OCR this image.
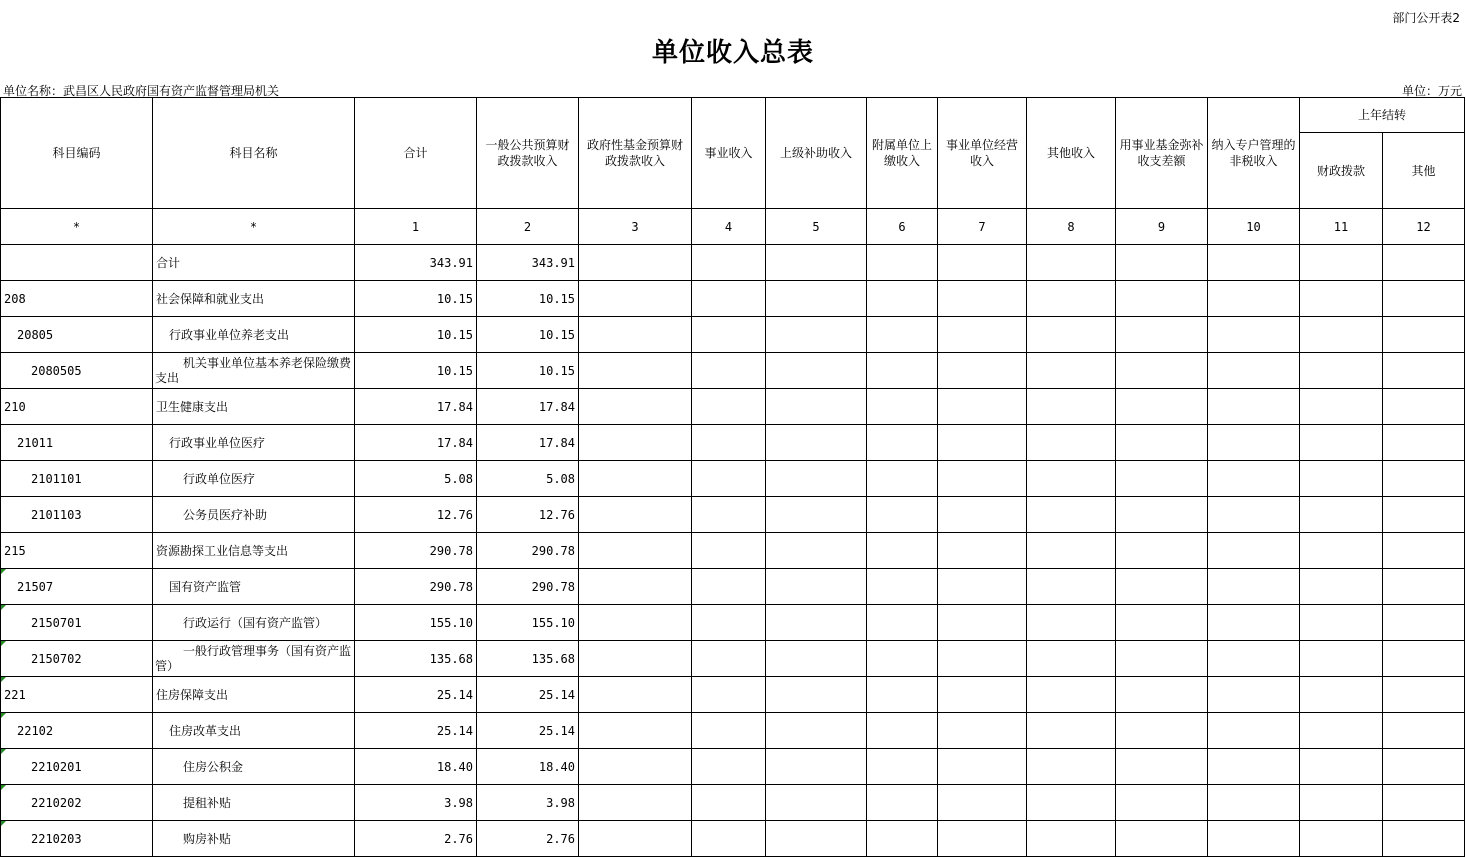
部门公开表2
单位收入总表
单位名称：武昌区人民政府国有资产监督管理局机关	单位：万元
科目编码	科目名称	合计	一般公共预算财政拨款收入	政府性基金预算财政拨款收入	事业收入	上级补助收入	附属单位上缴收入	事业单位经营收入	其他收入	用事业基金弥补收支差额	纳入专户管理的非税收入	上年结转	
												财政拨款	其他
*	*	1	2	3	4	5	6	7	8	9	10	11	12
	合计	343.91	343.91										
208	社会保障和就业支出	10.15	10.15										
20805	行政事业单位养老支出	10.15	10.15										
2080505	机关事业单位基本养老保险缴费支出	10.15	10.15										
210	卫生健康支出	17.84	17.84										
21011	行政事业单位医疗	17.84	17.84										
2101101	行政单位医疗	5.08	5.08										
2101103	公务员医疗补助	12.76	12.76										
215	资源勘探工业信息等支出	290.78	290.78										

21507	国有资产监管	290.78	290.78										

2150701	行政运行（国有资产监管）	155.10	155.10										

2150702	一般行政管理事务（国有资产监管）	135.68	135.68										

221	住房保障支出	25.14	25.14										

22102	住房改革支出	25.14	25.14										

2210201	住房公积金	18.40	18.40										

2210202	提租补贴	3.98	3.98										

2210203	购房补贴	2.76	2.76										
